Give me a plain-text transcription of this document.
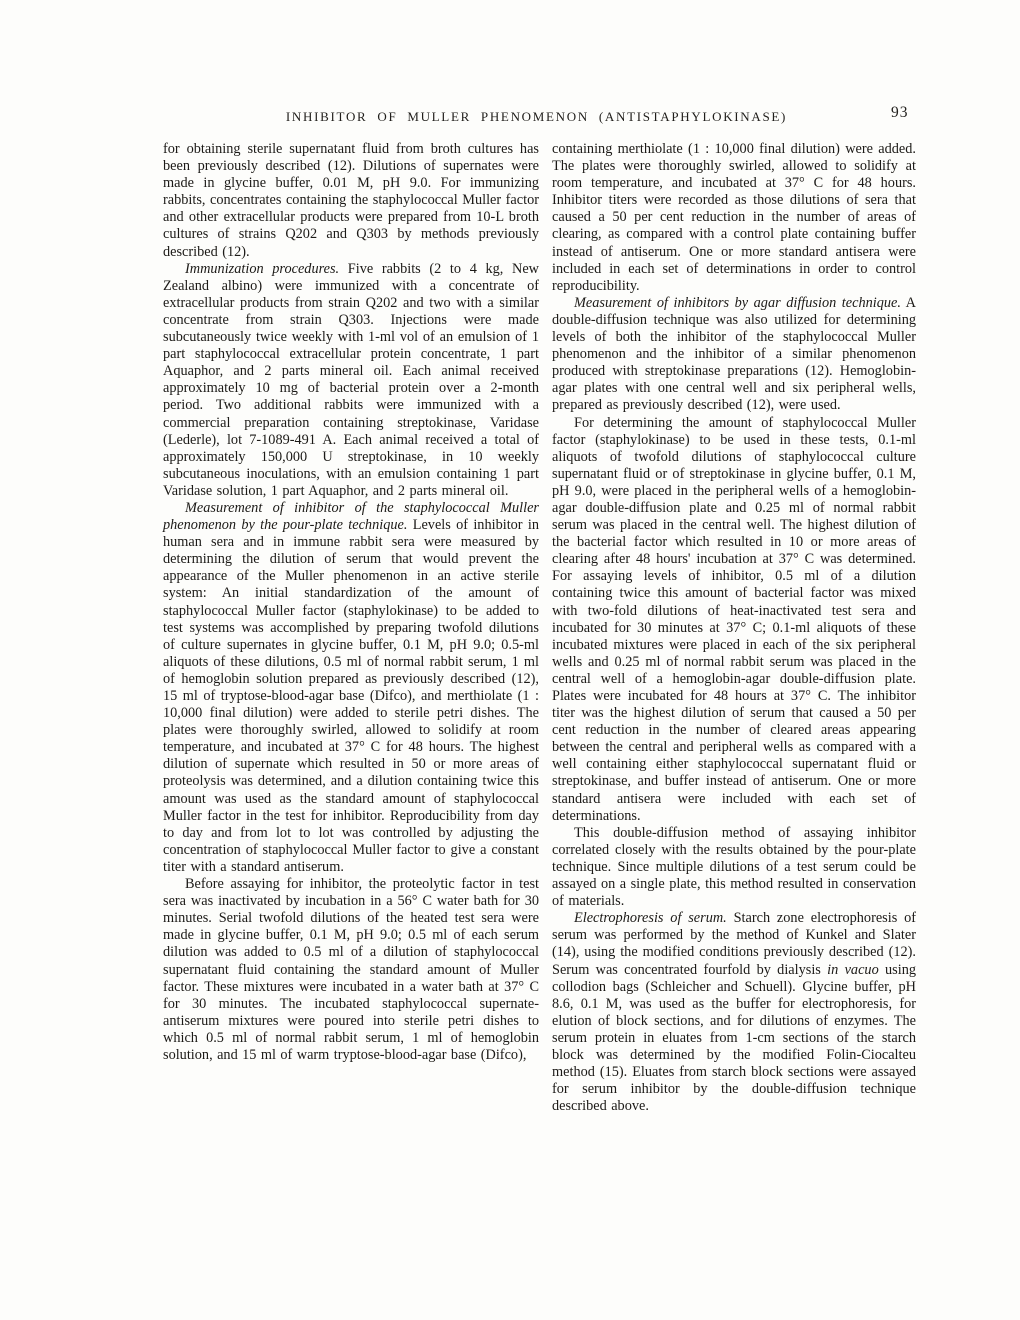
INHIBITOR OF MULLER PHENOMENON (ANTISTAPHYLOKINASE)	93

for obtaining sterile supernatant fluid from broth cultures has been previously described (12). Dilutions of supernates were made in glycine buffer, 0.01 M, pH 9.0. For immunizing rabbits, concentrates containing the staphylococcal Muller factor and other extracellular products were prepared from 10-L broth cultures of strains Q202 and Q303 by methods previously described (12).

Immunization procedures. Five rabbits (2 to 4 kg, New Zealand albino) were immunized with a concentrate of extracellular products from strain Q202 and two with a similar concentrate from strain Q303. Injections were made subcutaneously twice weekly with 1-ml vol of an emulsion of 1 part staphylococcal extracellular protein concentrate, 1 part Aquaphor, and 2 parts mineral oil. Each animal received approximately 10 mg of bacterial protein over a 2-month period. Two additional rabbits were immunized with a commercial preparation containing streptokinase, Varidase (Lederle), lot 7-1089-491 A. Each animal received a total of approximately 150,000 U streptokinase, in 10 weekly subcutaneous inoculations, with an emulsion containing 1 part Varidase solution, 1 part Aquaphor, and 2 parts mineral oil.

Measurement of inhibitor of the staphylococcal Muller phenomenon by the pour-plate technique. Levels of inhibitor in human sera and in immune rabbit sera were measured by determining the dilution of serum that would prevent the appearance of the Muller phenomenon in an active sterile system: An initial standardization of the amount of staphylococcal Muller factor (staphylokinase) to be added to test systems was accomplished by preparing twofold dilutions of culture supernates in glycine buffer, 0.1 M, pH 9.0; 0.5-ml aliquots of these dilutions, 0.5 ml of normal rabbit serum, 1 ml of hemoglobin solution prepared as previously described (12), 15 ml of tryptose-blood-agar base (Difco), and merthiolate (1 : 10,000 final dilution) were added to sterile petri dishes. The plates were thoroughly swirled, allowed to solidify at room temperature, and incubated at 37° C for 48 hours. The highest dilution of supernate which resulted in 50 or more areas of proteolysis was determined, and a dilution containing twice this amount was used as the standard amount of staphylococcal Muller factor in the test for inhibitor. Reproducibility from day to day and from lot to lot was controlled by adjusting the concentration of staphylococcal Muller factor to give a constant titer with a standard antiserum.

Before assaying for inhibitor, the proteolytic factor in test sera was inactivated by incubation in a 56° C water bath for 30 minutes. Serial twofold dilutions of the heated test sera were made in glycine buffer, 0.1 M, pH 9.0; 0.5 ml of each serum dilution was added to 0.5 ml of a dilution of staphylococcal supernatant fluid containing the standard amount of Muller factor. These mixtures were incubated in a water bath at 37° C for 30 minutes. The incubated staphylococcal supernate-antiserum mixtures were poured into sterile petri dishes to which 0.5 ml of normal rabbit serum, 1 ml of hemoglobin solution, and 15 ml of warm tryptose-blood-agar base (Difco),

containing merthiolate (1 : 10,000 final dilution) were added. The plates were thoroughly swirled, allowed to solidify at room temperature, and incubated at 37° C for 48 hours. Inhibitor titers were recorded as those dilutions of sera that caused a 50 per cent reduction in the number of areas of clearing, as compared with a control plate containing buffer instead of antiserum. One or more standard antisera were included in each set of determinations in order to control reproducibility.

Measurement of inhibitors by agar diffusion technique. A double-diffusion technique was also utilized for determining levels of both the inhibitor of the staphylococcal Muller phenomenon and the inhibitor of a similar phenomenon produced with streptokinase preparations (12). Hemoglobin-agar plates with one central well and six peripheral wells, prepared as previously described (12), were used.

For determining the amount of staphylococcal Muller factor (staphylokinase) to be used in these tests, 0.1-ml aliquots of twofold dilutions of staphylococcal culture supernatant fluid or of streptokinase in glycine buffer, 0.1 M, pH 9.0, were placed in the peripheral wells of a hemoglobin-agar double-diffusion plate and 0.25 ml of normal rabbit serum was placed in the central well. The highest dilution of the bacterial factor which resulted in 10 or more areas of clearing after 48 hours' incubation at 37° C was determined. For assaying levels of inhibitor, 0.5 ml of a dilution containing twice this amount of bacterial factor was mixed with two-fold dilutions of heat-inactivated test sera and incubated for 30 minutes at 37° C; 0.1-ml aliquots of these incubated mixtures were placed in each of the six peripheral wells and 0.25 ml of normal rabbit serum was placed in the central well of a hemoglobin-agar double-diffusion plate. Plates were incubated for 48 hours at 37° C. The inhibitor titer was the highest dilution of serum that caused a 50 per cent reduction in the number of cleared areas appearing between the central and peripheral wells as compared with a well containing either staphylococcal supernatant fluid or streptokinase, and buffer instead of antiserum. One or more standard antisera were included with each set of determinations.

This double-diffusion method of assaying inhibitor correlated closely with the results obtained by the pour-plate technique. Since multiple dilutions of a test serum could be assayed on a single plate, this method resulted in conservation of materials.

Electrophoresis of serum. Starch zone electrophoresis of serum was performed by the method of Kunkel and Slater (14), using the modified conditions previously described (12). Serum was concentrated fourfold by dialysis in vacuo using collodion bags (Schleicher and Schuell). Glycine buffer, pH 8.6, 0.1 M, was used as the buffer for electrophoresis, for elution of block sections, and for dilutions of enzymes. The serum protein in eluates from 1-cm sections of the starch block was determined by the modified Folin-Ciocalteu method (15). Eluates from starch block sections were assayed for serum inhibitor by the double-diffusion technique described above.
